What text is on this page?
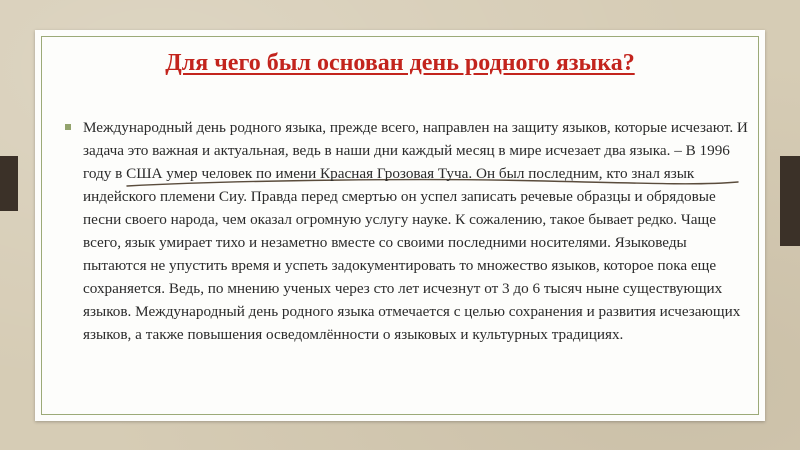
Для чего был основан день родного языка?

Международный день родного языка, прежде всего, направлен на защиту языков, которые исчезают. И задача это важная и актуальная, ведь в наши дни каждый месяц в мире исчезает два языка. – В 1996 году в США умер человек по имени Красная Грозовая Туча. Он был последним, кто знал язык индейского племени Сиу. Правда перед смертью он успел записать речевые образцы и обрядовые песни своего народа, чем оказал огромную услугу науке. К сожалению, такое бывает редко. Чаще всего, язык умирает тихо и незаметно вместе со своими последними носителями. Языковеды пытаются не упустить время и успеть задокументировать то множество языков, которое пока еще сохраняется. Ведь, по мнению ученых через сто лет исчезнут от 3 до 6 тысяч ныне существующих языков. Международный день родного языка отмечается с целью сохранения и развития исчезающих языков, а также повышения осведомлённости о языковых и культурных традициях.
